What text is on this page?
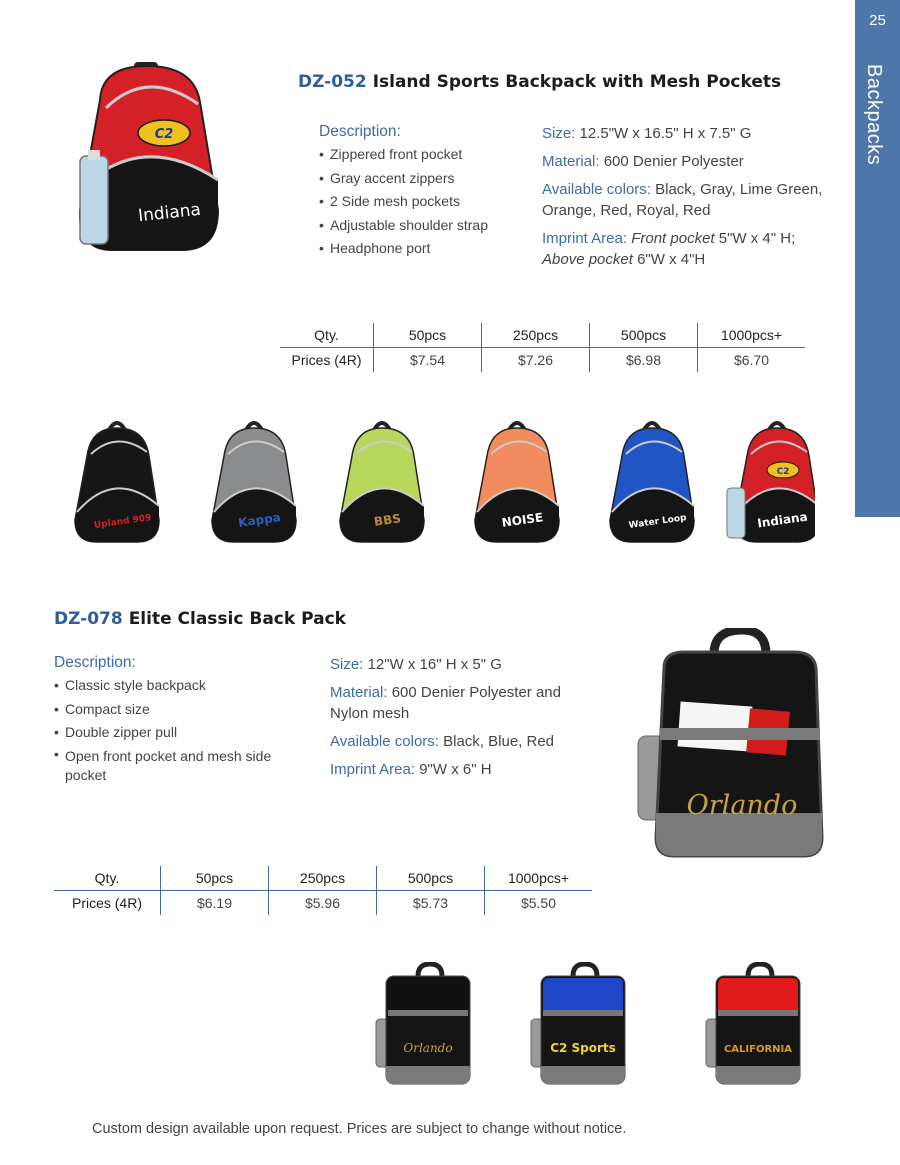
25
Backpacks
C2
Indiana
DZ-052 Island Sports Backpack with Mesh Pockets
Description:
• Zippered front pocket
• Gray accent zippers
• 2 Side mesh pockets
• Adjustable shoulder strap
• Headphone port
Size: 12.5"W x 16.5" H x 7.5" G
Material: 600 Denier Polyester
Available colors: Black, Gray, Lime Green, Orange, Red, Royal, Red
Imprint Area: Front pocket 5"W x 4" H;
Above pocket 6"W x 4"H
Qty.	50pcs	250pcs	500pcs	1000pcs+
Prices (4R)	$7.54	$7.26	$6.98	$6.70
Upland 909	Kappa	BBS	NOISE	Water Loop
C2
Indiana
DZ-078 Elite Classic Back Pack
Description:
• Classic style backpack
• Compact size
• Double zipper pull
• Open front pocket and mesh side pocket
Size: 12"W x 16" H x 5" G
Material: 600 Denier Polyester and Nylon mesh
Available colors: Black, Blue, Red
Imprint Area: 9"W x 6" H
Orlando
Qty.	50pcs	250pcs	500pcs	1000pcs+
Prices (4R)	$6.19	$5.96	$5.73	$5.50
Orlando	C2 Sports	CALIFORNIA
Custom design available upon request. Prices are subject to change without notice.
